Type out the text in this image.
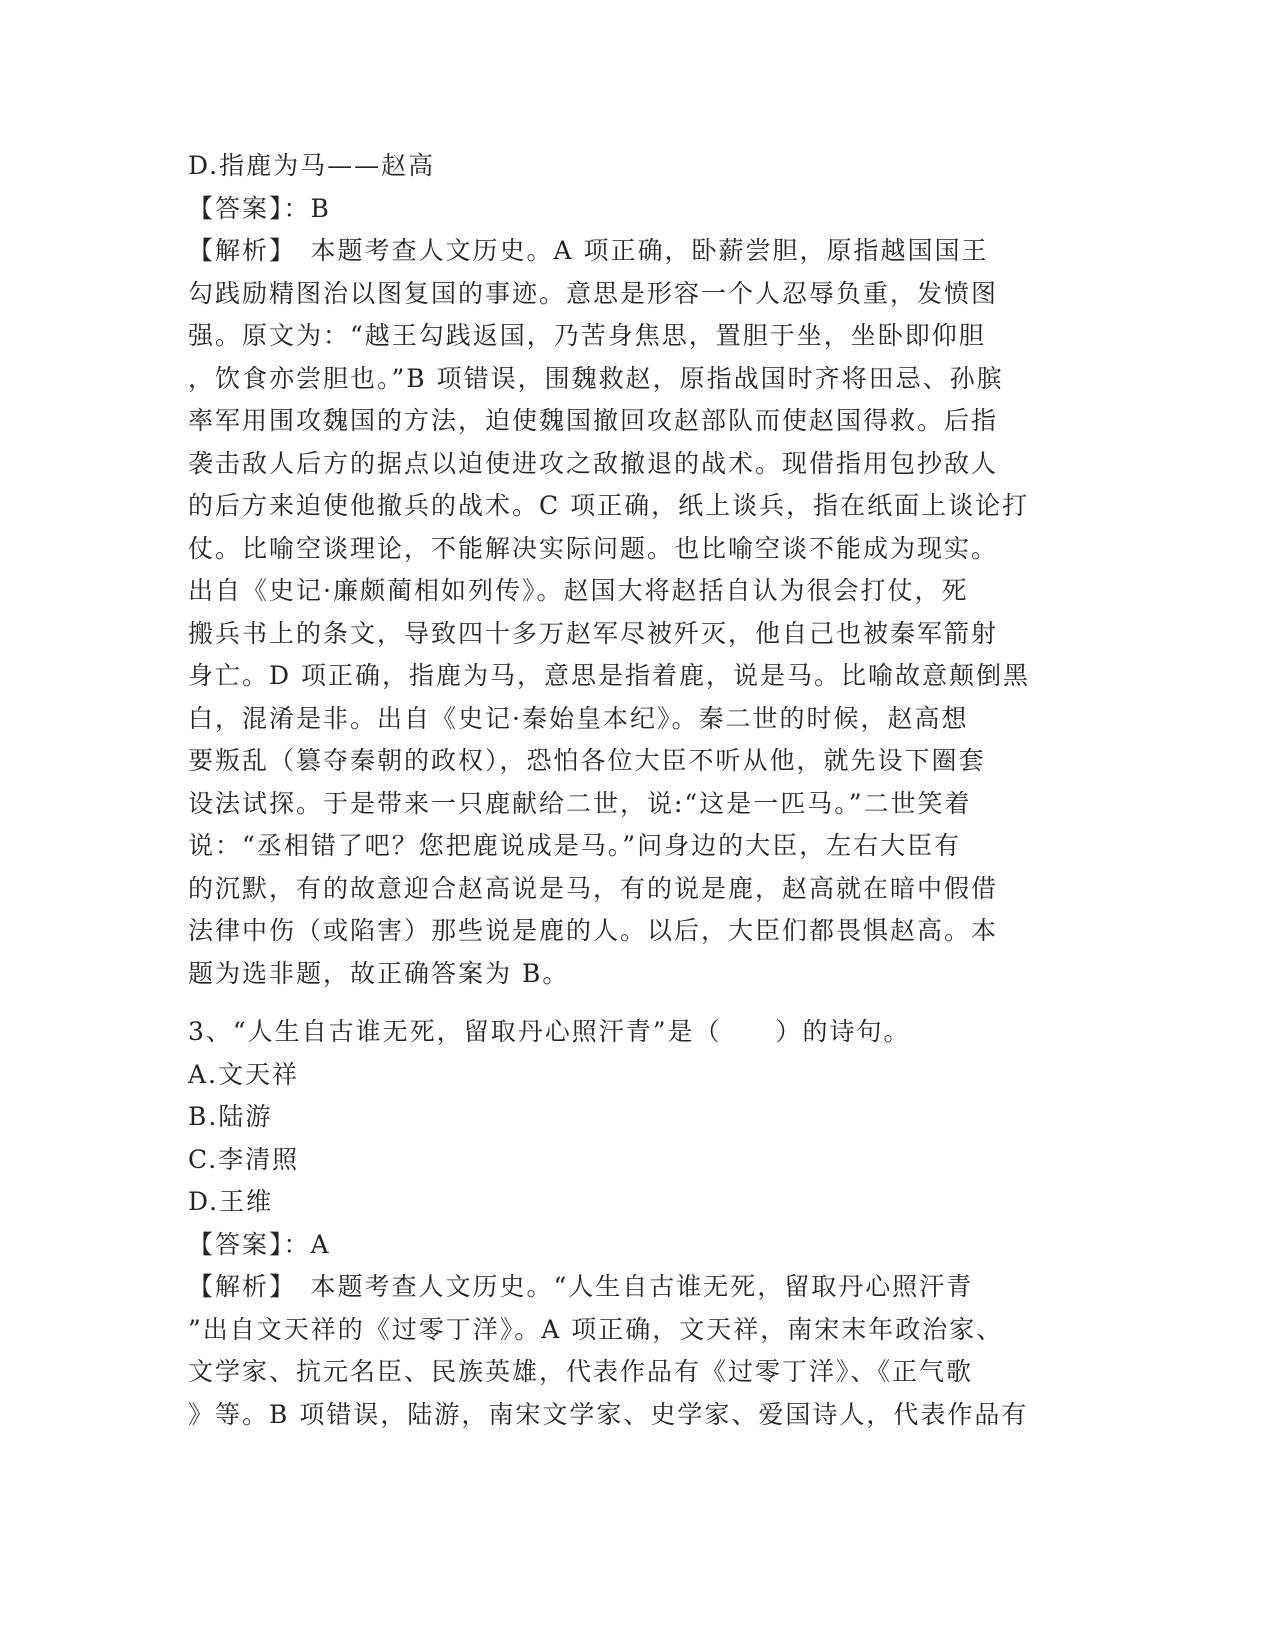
D.指鹿为马——赵高
【答案】：B
【解析】　本题考查人文历史。A 项正确，卧薪尝胆，原指越国国王
勾践励精图治以图复国的事迹。意思是形容一个人忍辱负重，发愤图
强。原文为：“越王勾践返国，乃苦身焦思，置胆于坐，坐卧即仰胆
，饮食亦尝胆也。”B 项错误，围魏救赵，原指战国时齐将田忌、孙膑
率军用围攻魏国的方法，迫使魏国撤回攻赵部队而使赵国得救。后指
袭击敌人后方的据点以迫使进攻之敌撤退的战术。现借指用包抄敌人
的后方来迫使他撤兵的战术。C 项正确，纸上谈兵，指在纸面上谈论打
仗。比喻空谈理论，不能解决实际问题。也比喻空谈不能成为现实。
出自《史记·廉颇蔺相如列传》。赵国大将赵括自认为很会打仗，死
搬兵书上的条文，导致四十多万赵军尽被歼灭，他自己也被秦军箭射
身亡。D 项正确，指鹿为马，意思是指着鹿，说是马。比喻故意颠倒黑
白，混淆是非。出自《史记·秦始皇本纪》。秦二世的时候，赵高想
要叛乱（篡夺秦朝的政权），恐怕各位大臣不听从他，就先设下圈套
设法试探。于是带来一只鹿献给二世，说:“这是一匹马。”二世笑着
说：“丞相错了吧？您把鹿说成是马。”问身边的大臣，左右大臣有
的沉默，有的故意迎合赵高说是马，有的说是鹿，赵高就在暗中假借
法律中伤（或陷害）那些说是鹿的人。以后，大臣们都畏惧赵高。本
题为选非题，故正确答案为 B。
3、“人生自古谁无死，留取丹心照汗青”是（　　）的诗句。
A.文天祥
B.陆游
C.李清照
D.王维
【答案】：A
【解析】　本题考查人文历史。“人生自古谁无死，留取丹心照汗青
”出自文天祥的《过零丁洋》。A 项正确，文天祥，南宋末年政治家、
文学家、抗元名臣、民族英雄，代表作品有《过零丁洋》、《正气歌
》等。B 项错误，陆游，南宋文学家、史学家、爱国诗人，代表作品有
